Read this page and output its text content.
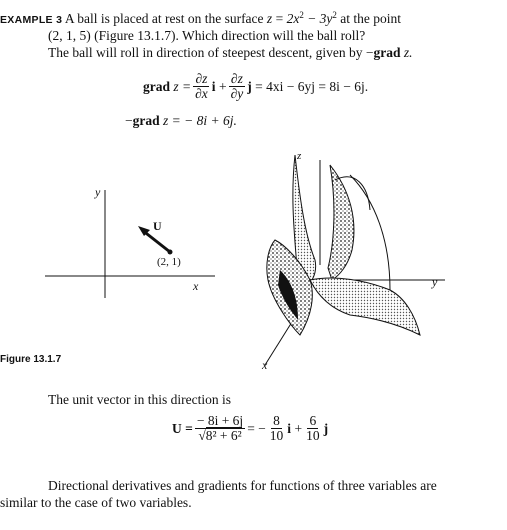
EXAMPLE 3 A ball is placed at rest on the surface $z = 2x^2 - 3y^2$ at the point
(2, 1, 5) (Figure 13.1.7). Which direction will the ball roll?
The ball will roll in direction of steepest descent, given by −grad z.
grad
$z = \frac{\partial z}{\partial x}$ i
+ $\frac{\partial z}{\partial y}$ j
= 4xi − 6yj = 8i − 6j.
−grad z = − 8i + 6j.
y
x
U
(2, 1)
z
y
x
Figure 13.1.7
The unit vector in this direction is
$U = \frac{- 8i + 6j}{\text{√8² + 6²}}$ = − $\frac{8}{10}$ i
+ $\frac{6}{10}$ j
Directional derivatives and gradients for functions of three variables are
similar to the case of two variables.
